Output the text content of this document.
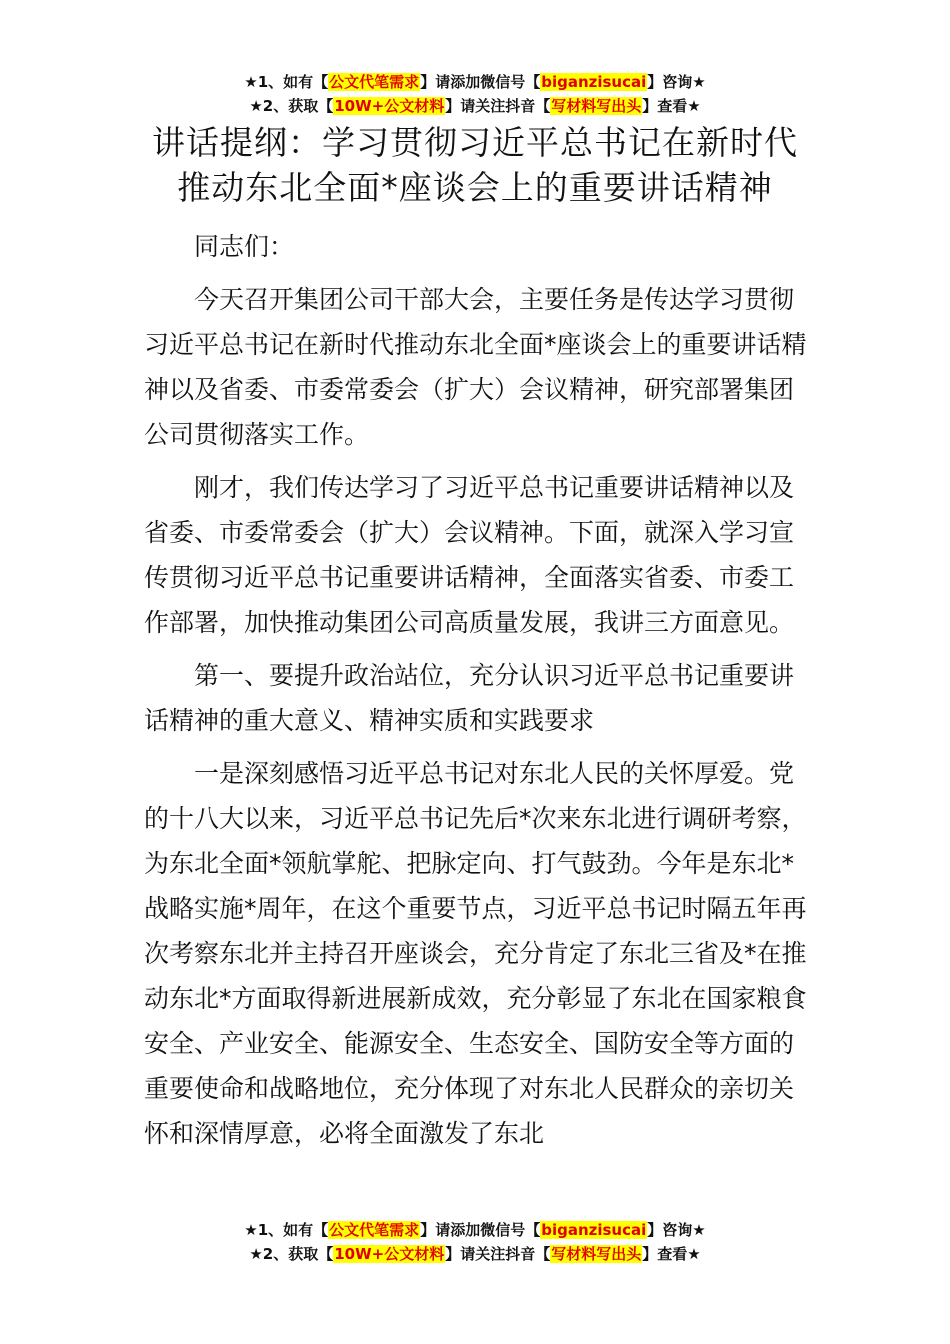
★1、如有【公文代笔需求】请添加微信号【biganzisucai】咨询★
★2、获取【10W+公文材料】请关注抖音【写材料写出头】查看★
讲话提纲：学习贯彻习近平总书记在新时代
推动东北全面*座谈会上的重要讲话精神

同志们：

今天召开集团公司干部大会，主要任务是传达学习贯彻习近平总书记在新时代推动东北全面*座谈会上的重要讲话精神以及省委、市委常委会（扩大）会议精神，研究部署集团公司贯彻落实工作。

刚才，我们传达学习了习近平总书记重要讲话精神以及省委、市委常委会（扩大）会议精神。下面，就深入学习宣传贯彻习近平总书记重要讲话精神，全面落实省委、市委工作部署，加快推动集团公司高质量发展，我讲三方面意见。

第一、要提升政治站位，充分认识习近平总书记重要讲话精神的重大意义、精神实质和实践要求

一是深刻感悟习近平总书记对东北人民的关怀厚爱。党的十八大以来，习近平总书记先后*次来东北进行调研考察，为东北全面*领航掌舵、把脉定向、打气鼓劲。今年是东北*战略实施*周年，在这个重要节点，习近平总书记时隔五年再次考察东北并主持召开座谈会，充分肯定了东北三省及*在推动东北*方面取得新进展新成效，充分彰显了东北在国家粮食安全、产业安全、能源安全、生态安全、国防安全等方面的重要使命和战略地位，充分体现了对东北人民群众的亲切关怀和深情厚意，必将全面激发了东北

★1、如有【公文代笔需求】请添加微信号【biganzisucai】咨询★
★2、获取【10W+公文材料】请关注抖音【写材料写出头】查看★
